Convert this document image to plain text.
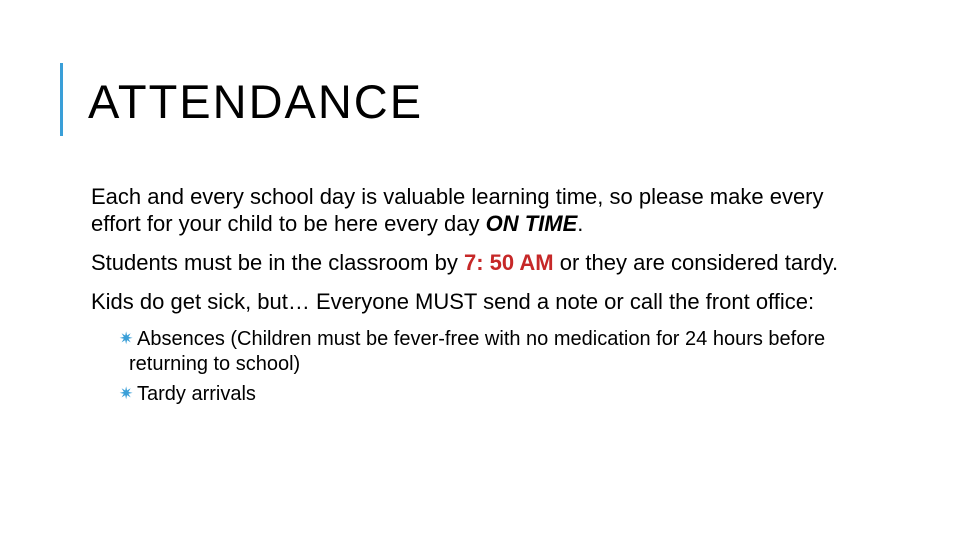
ATTENDANCE

Each and every school day is valuable learning time, so please make every effort for your child to be here every day ON TIME.

Students must be in the classroom by 7: 50 AM or they are considered tardy.

Kids do get sick, but… Everyone MUST send a note or call the front office:

✷ Absences (Children must be fever-free with no medication for 24 hours before returning to school)
✷ Tardy arrivals
